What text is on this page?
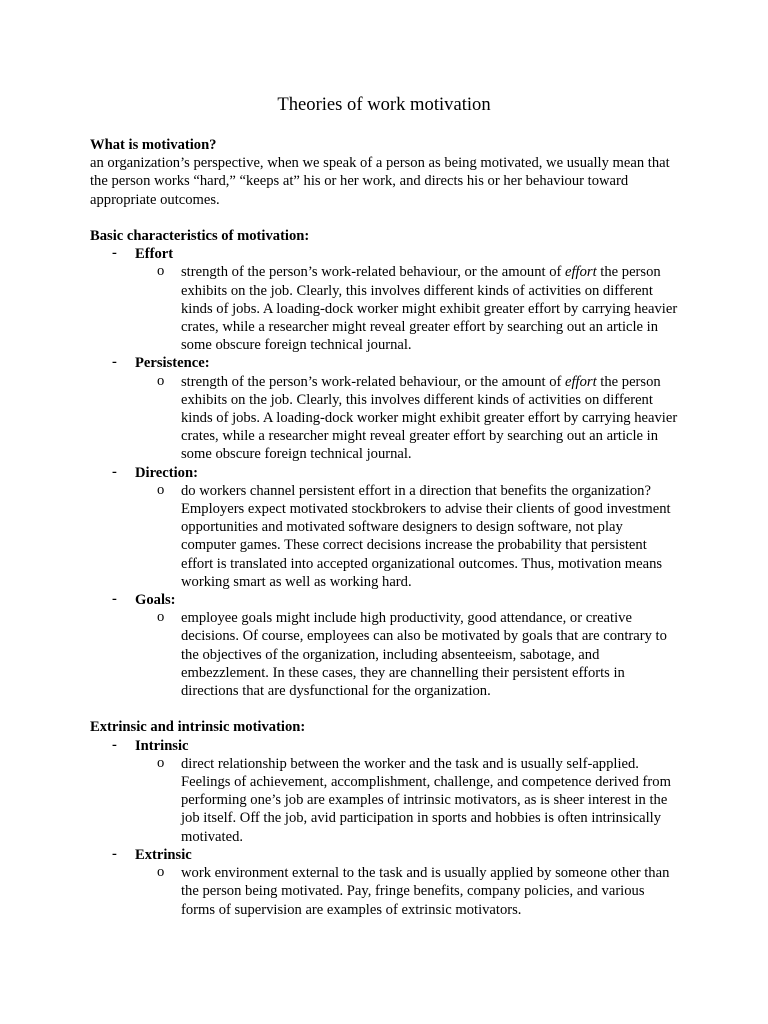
Theories of work motivation
What is motivation?
an organization’s perspective, when we speak of a person as being motivated, we usually mean that the person works “hard,” “keeps at” his or her work, and directs his or her behaviour toward appropriate outcomes.
Basic characteristics of motivation:
- Effort
o strength of the person’s work-related behaviour, or the amount of effort the person exhibits on the job. Clearly, this involves different kinds of activities on different kinds of jobs. A loading-dock worker might exhibit greater effort by carrying heavier crates, while a researcher might reveal greater effort by searching out an article in some obscure foreign technical journal.

- Persistence:
o strength of the person’s work-related behaviour, or the amount of effort the person exhibits on the job. Clearly, this involves different kinds of activities on different kinds of jobs. A loading-dock worker might exhibit greater effort by carrying heavier crates, while a researcher might reveal greater effort by searching out an article in some obscure foreign technical journal.

- Direction:
o do workers channel persistent effort in a direction that benefits the organization? Employers expect motivated stockbrokers to advise their clients of good investment opportunities and motivated software designers to design software, not play computer games. These correct decisions increase the probability that persistent effort is translated into accepted organizational outcomes. Thus, motivation means working smart as well as working hard.

- Goals:
o employee goals might include high productivity, good attendance, or creative decisions. Of course, employees can also be motivated by goals that are contrary to the objectives of the organization, including absenteeism, sabotage, and embezzlement. In these cases, they are channelling their persistent efforts in directions that are dysfunctional for the organization.

Extrinsic and intrinsic motivation:
- Intrinsic
o direct relationship between the worker and the task and is usually self-applied. Feelings of achievement, accomplishment, challenge, and competence derived from performing one’s job are examples of intrinsic motivators, as is sheer interest in the job itself. Off the job, avid participation in sports and hobbies is often intrinsically motivated.

- Extrinsic
o work environment external to the task and is usually applied by someone other than the person being motivated. Pay, fringe benefits, company policies, and various forms of supervision are examples of extrinsic motivators.
